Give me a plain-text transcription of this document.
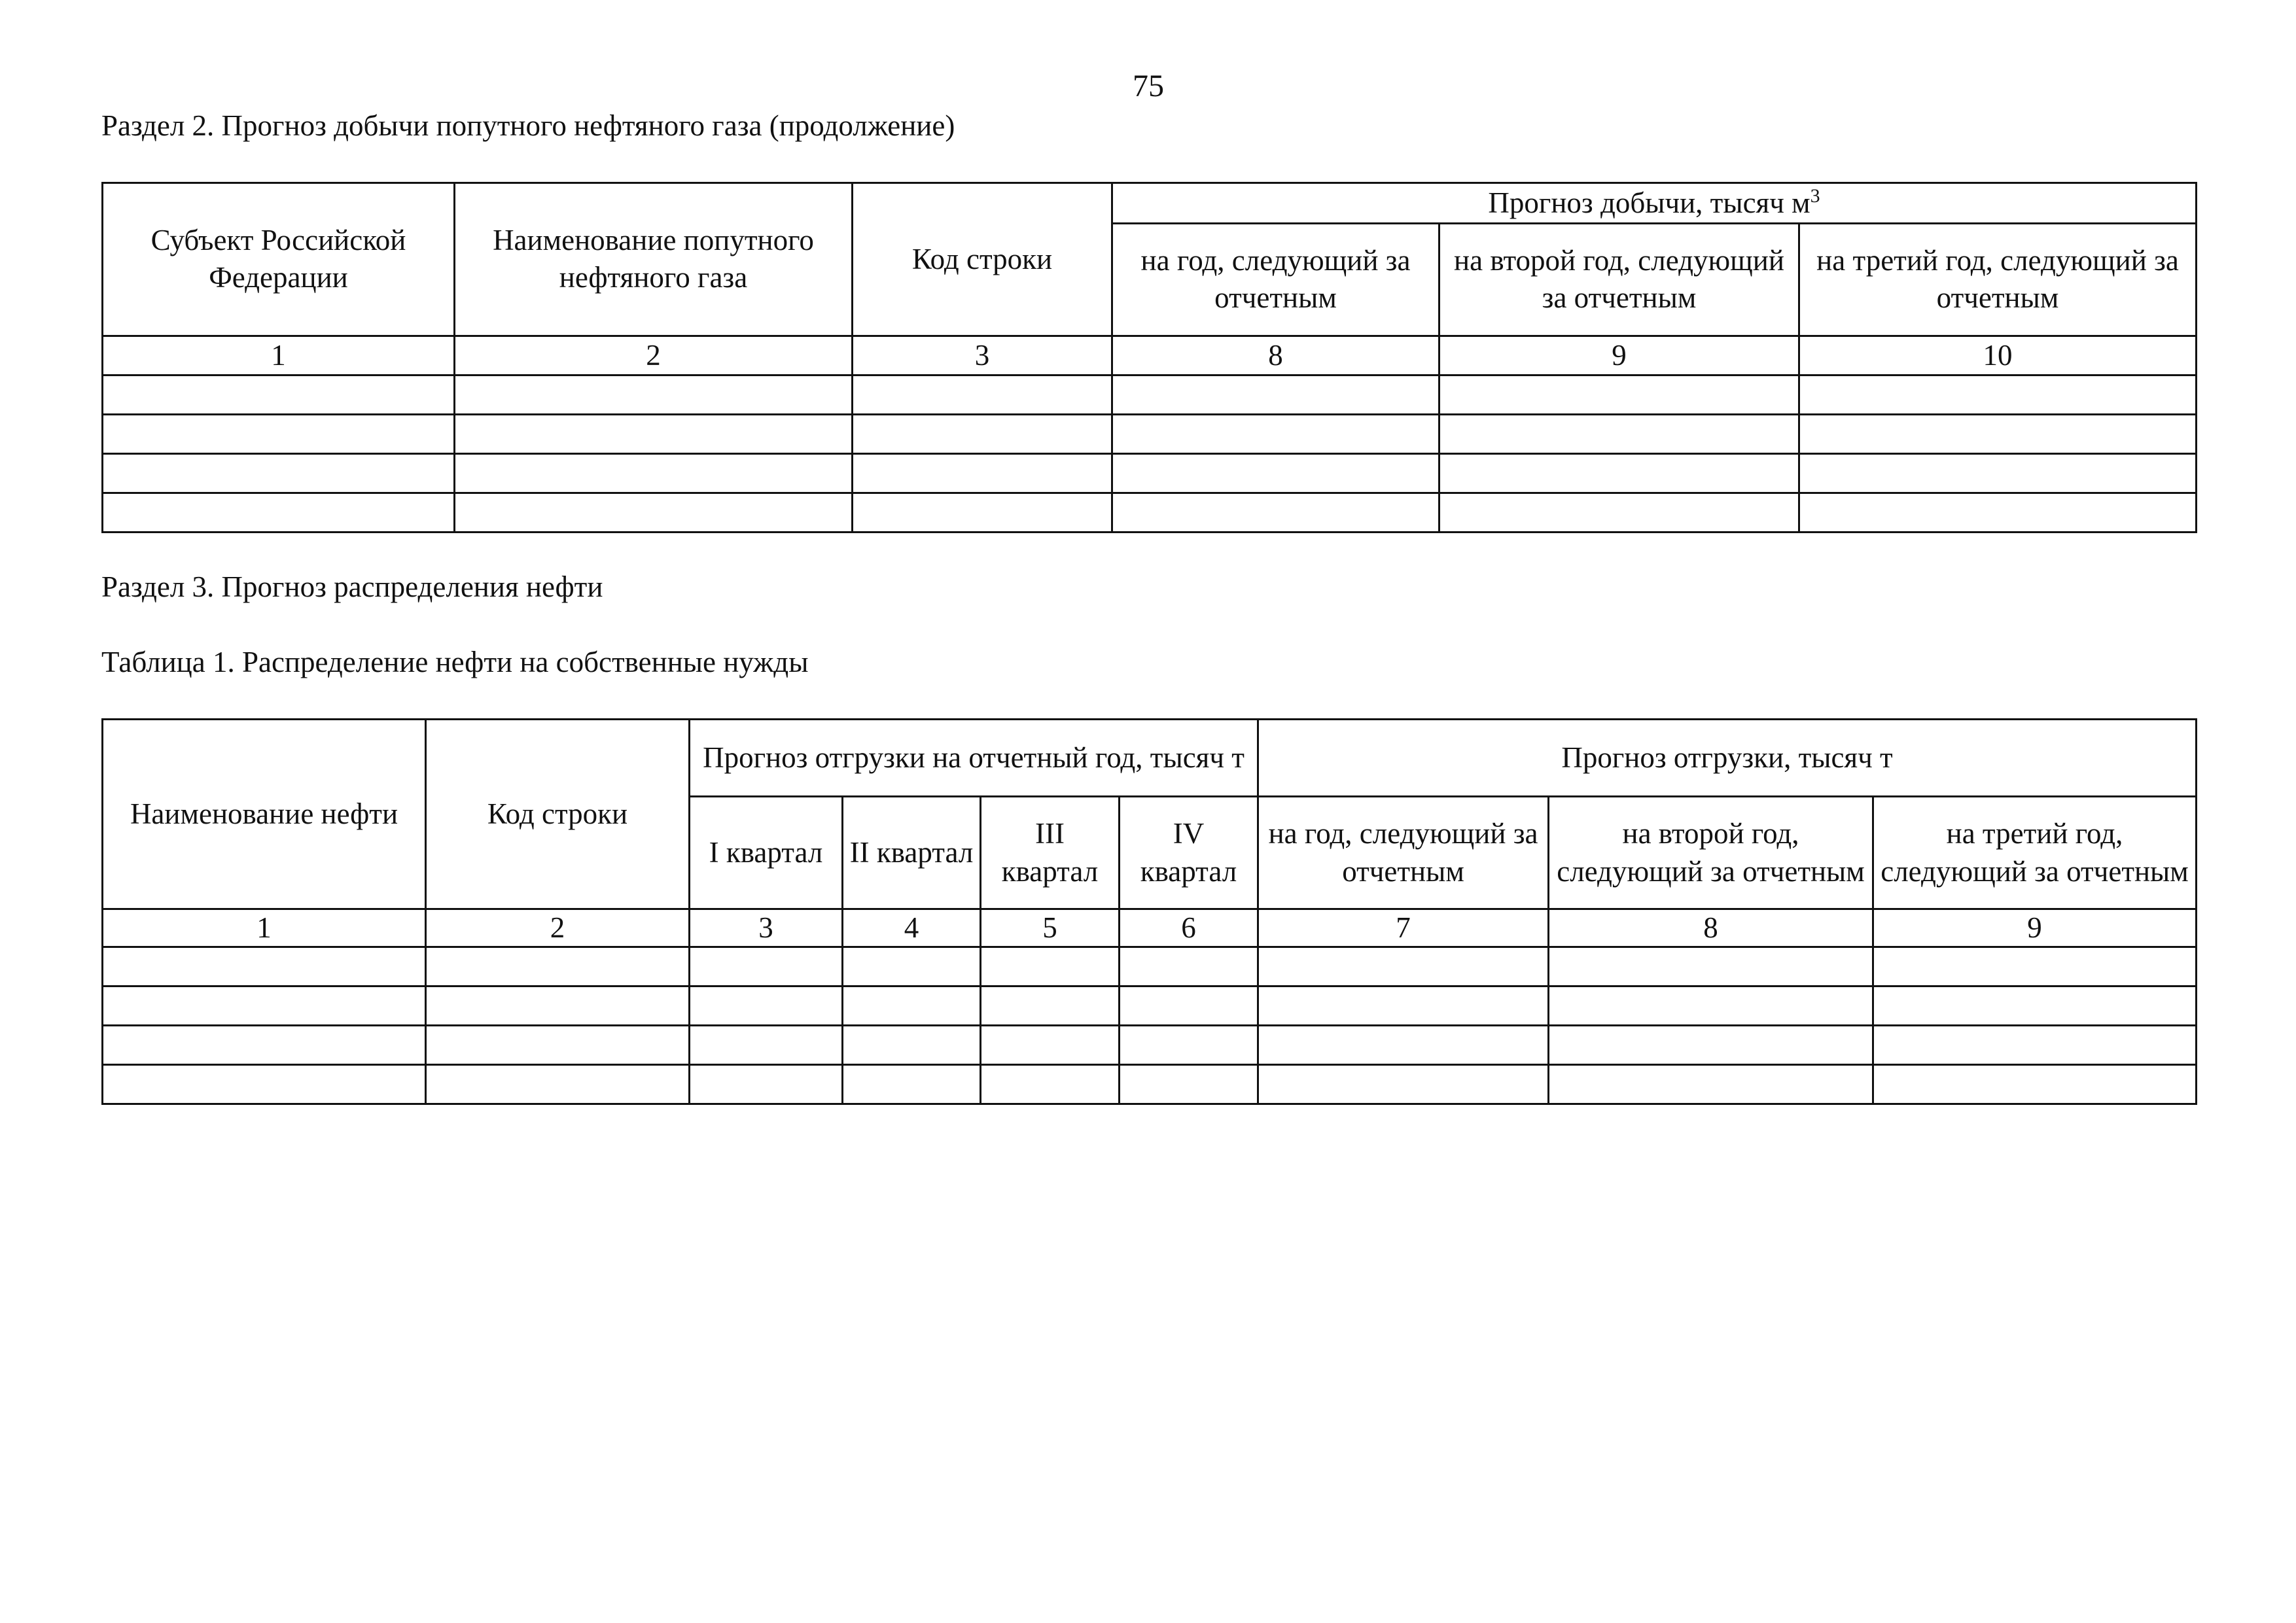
75
Раздел 2. Прогноз добычи попутного нефтяного газа (продолжение)
Субъект Российской Федерации	Наименование попутного нефтяного газа	Код строки	Прогноз добычи, тысяч $м^3$
			на год, следующий за отчетным	на второй год, следующий за отчетным	на третий год, следующий за отчетным
1	2	3	8	9	10

Раздел 3. Прогноз распределения нефти
Таблица 1. Распределение нефти на собственные нужды
Наименование нефти	Код строки	Прогноз отгрузки на отчетный год, тысяч т				Прогноз отгрузки, тысяч т		
		I квартал	II квартал	III квартал	IV квартал	на год, следующий за отчетным	на второй год, следующий за отчетным	на третий год, следующий за отчетным
1	2	3	4	5	6	7	8	9
